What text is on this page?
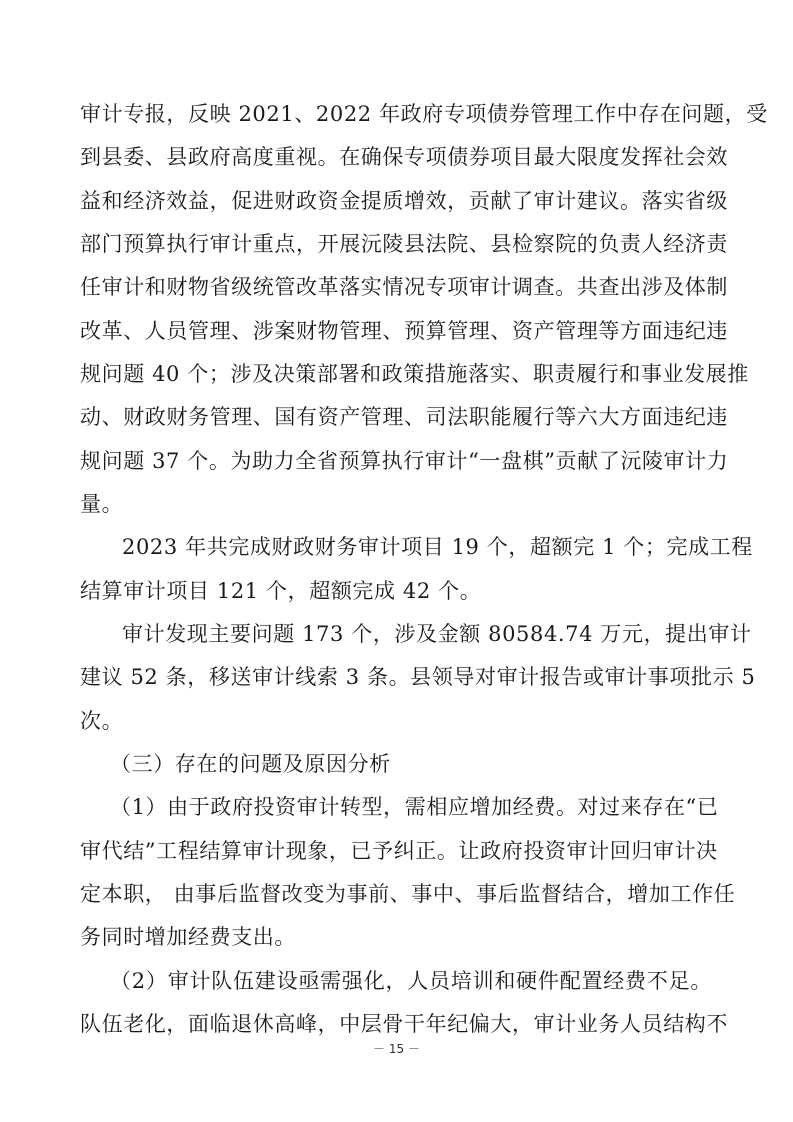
审计专报，反映 2021、2022 年政府专项债券管理工作中存在问题，受
到县委、县政府高度重视。在确保专项债券项目最大限度发挥社会效
益和经济效益，促进财政资金提质增效，贡献了审计建议。落实省级
部门预算执行审计重点，开展沅陵县法院、县检察院的负责人经济责
任审计和财物省级统管改革落实情况专项审计调查。共查出涉及体制
改革、人员管理、涉案财物管理、预算管理、资产管理等方面违纪违
规问题 40 个；涉及决策部署和政策措施落实、职责履行和事业发展推
动、财政财务管理、国有资产管理、司法职能履行等六大方面违纪违
规问题 37 个。为助力全省预算执行审计“一盘棋”贡献了沅陵审计力
量。
2023 年共完成财政财务审计项目 19 个，超额完 1 个；完成工程
结算审计项目 121 个，超额完成 42 个。
审计发现主要问题 173 个，涉及金额 80584.74 万元，提出审计
建议 52 条，移送审计线索 3 条。县领导对审计报告或审计事项批示 5
次。
（三）存在的问题及原因分析
（1）由于政府投资审计转型，需相应增加经费。对过来存在“已
审代结”工程结算审计现象，已予纠正。让政府投资审计回归审计决
定本职， 由事后监督改变为事前、事中、事后监督结合，增加工作任
务同时增加经费支出。
（2）审计队伍建设亟需强化，人员培训和硬件配置经费不足。
队伍老化，面临退休高峰，中层骨干年纪偏大，审计业务人员结构不
－ 15 －
